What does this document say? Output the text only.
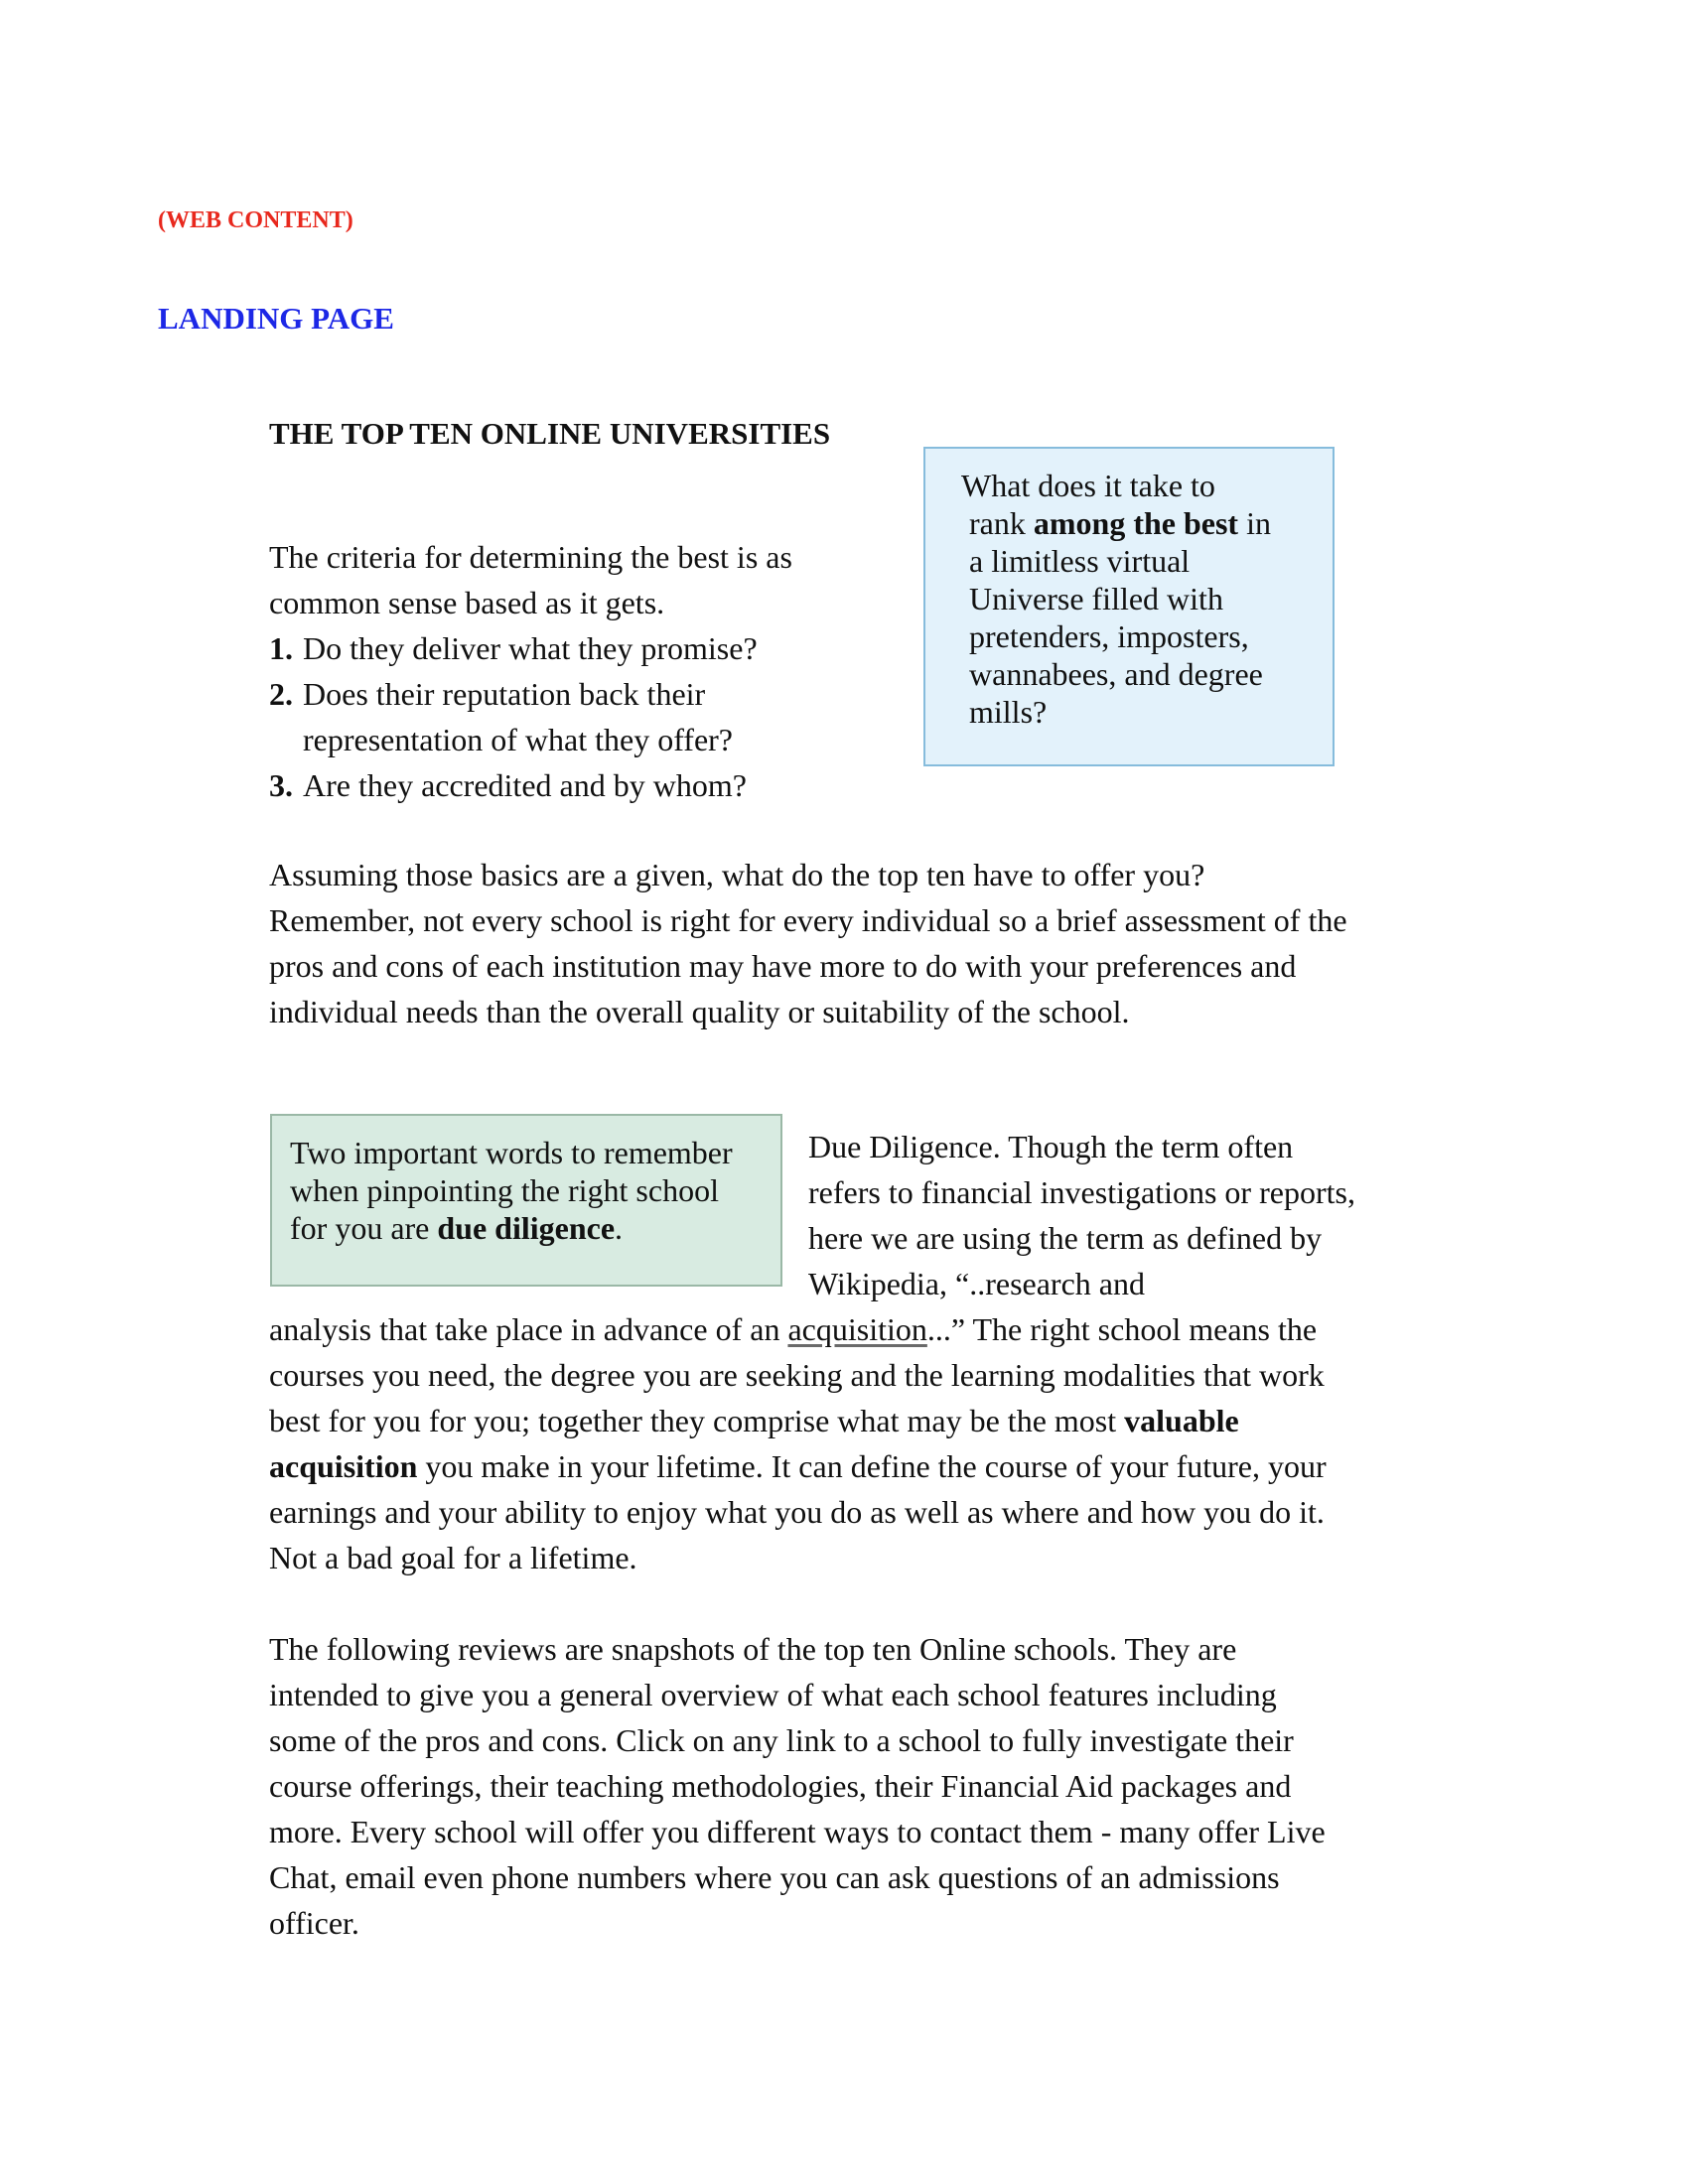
(WEB CONTENT)
LANDING PAGE
THE TOP TEN ONLINE UNIVERSITIES

The criteria for determining the best is as common sense based as it gets.

1. Do they deliver what they promise?
2. Does their reputation back their representation of what they offer?
3. Are they accredited and by whom?
What does it take to
rank among the best in a limitless virtual Universe filled with pretenders, imposters, wannabees, and degree mills?

Assuming those basics are a given, what do the top ten have to offer you? Remember, not every school is right for every individual so a brief assessment of the pros and cons of each institution may have more to do with your preferences and individual needs than the overall quality or suitability of the school.

Two important words to remember when pinpointing the right school for you are due diligence.

Due Diligence. Though the term often refers to financial investigations or reports, here we are using the term as defined by Wikipedia, “..research and

analysis that take place in advance of an acquisition...” The right school means the courses you need, the degree you are seeking and the learning modalities that work best for you for you; together they comprise what may be the most valuable acquisition you make in your lifetime. It can define the course of your future, your earnings and your ability to enjoy what you do as well as where and how you do it. Not a bad goal for a lifetime.

The following reviews are snapshots of the top ten Online schools. They are intended to give you a general overview of what each school features including some of the pros and cons. Click on any link to a school to fully investigate their course offerings, their teaching methodologies, their Financial Aid packages and more. Every school will offer you different ways to contact them - many offer Live Chat, email even phone numbers where you can ask questions of an admissions officer.
